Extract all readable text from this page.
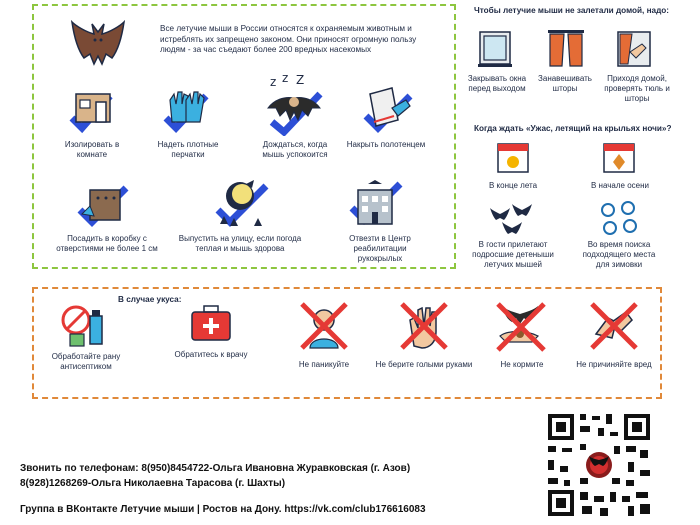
Все летучие мыши в России относятся к охраняемым животным и истреблять их запрещено законом. Они приносят огромную пользу людям - за час съедают более 200 вредных насекомых
Изолировать в комнате
Надеть плотные перчатки
z z Z
Дождаться, когда мышь успокоится
Накрыть полотенцем
Посадить в коробку с отверстиями не более 1 см
Выпустить на улицу, если погода теплая и мышь здорова
Отвезти в Центр реабилитации рукокрылых
Чтобы летучие мыши не залетали домой, надо:
Закрывать окна перед выходом
Занавешивать шторы
Приходя домой, проверять тюль и шторы
Когда ждать «Ужас, летящий на крыльях ночи»?
В конце лета	В начале осени
В гости прилетают подросшие детеныши летучих мышей
Во время поиска подходящего места для зимовки
В случае укуса:
Обработайте рану антисептиком
Обратитесь к врачу
Не паникуйте	Не берите голыми руками	Не кормите	Не причиняйте вред
Звонить по телефонам: 8(950)8454722-Ольга Ивановна Журавковская (г. Азов)
8(928)1268269-Ольга Николаевна Тарасова (г. Шахты)
Группа в ВКонтакте Летучие мыши | Ростов на Дону. https://vk.com/club176616083
